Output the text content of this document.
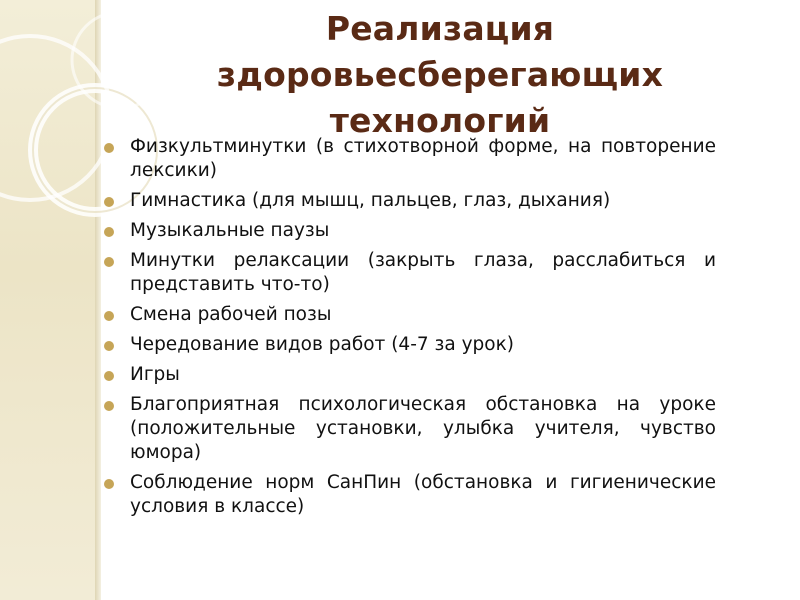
Реализация
здоровьесберегающих
технологий
Физкультминутки (в стихотворной форме, на повторение лексики)
Гимнастика (для мышц, пальцев, глаз, дыхания)
Музыкальные паузы
Минутки релаксации (закрыть глаза, расслабиться и представить что-то)
Смена рабочей позы
Чередование видов работ (4-7 за урок)
Игры
Благоприятная психологическая обстановка на уроке (положительные установки, улыбка учителя, чувство юмора)
Соблюдение норм СанПин (обстановка и гигиенические условия в классе)
